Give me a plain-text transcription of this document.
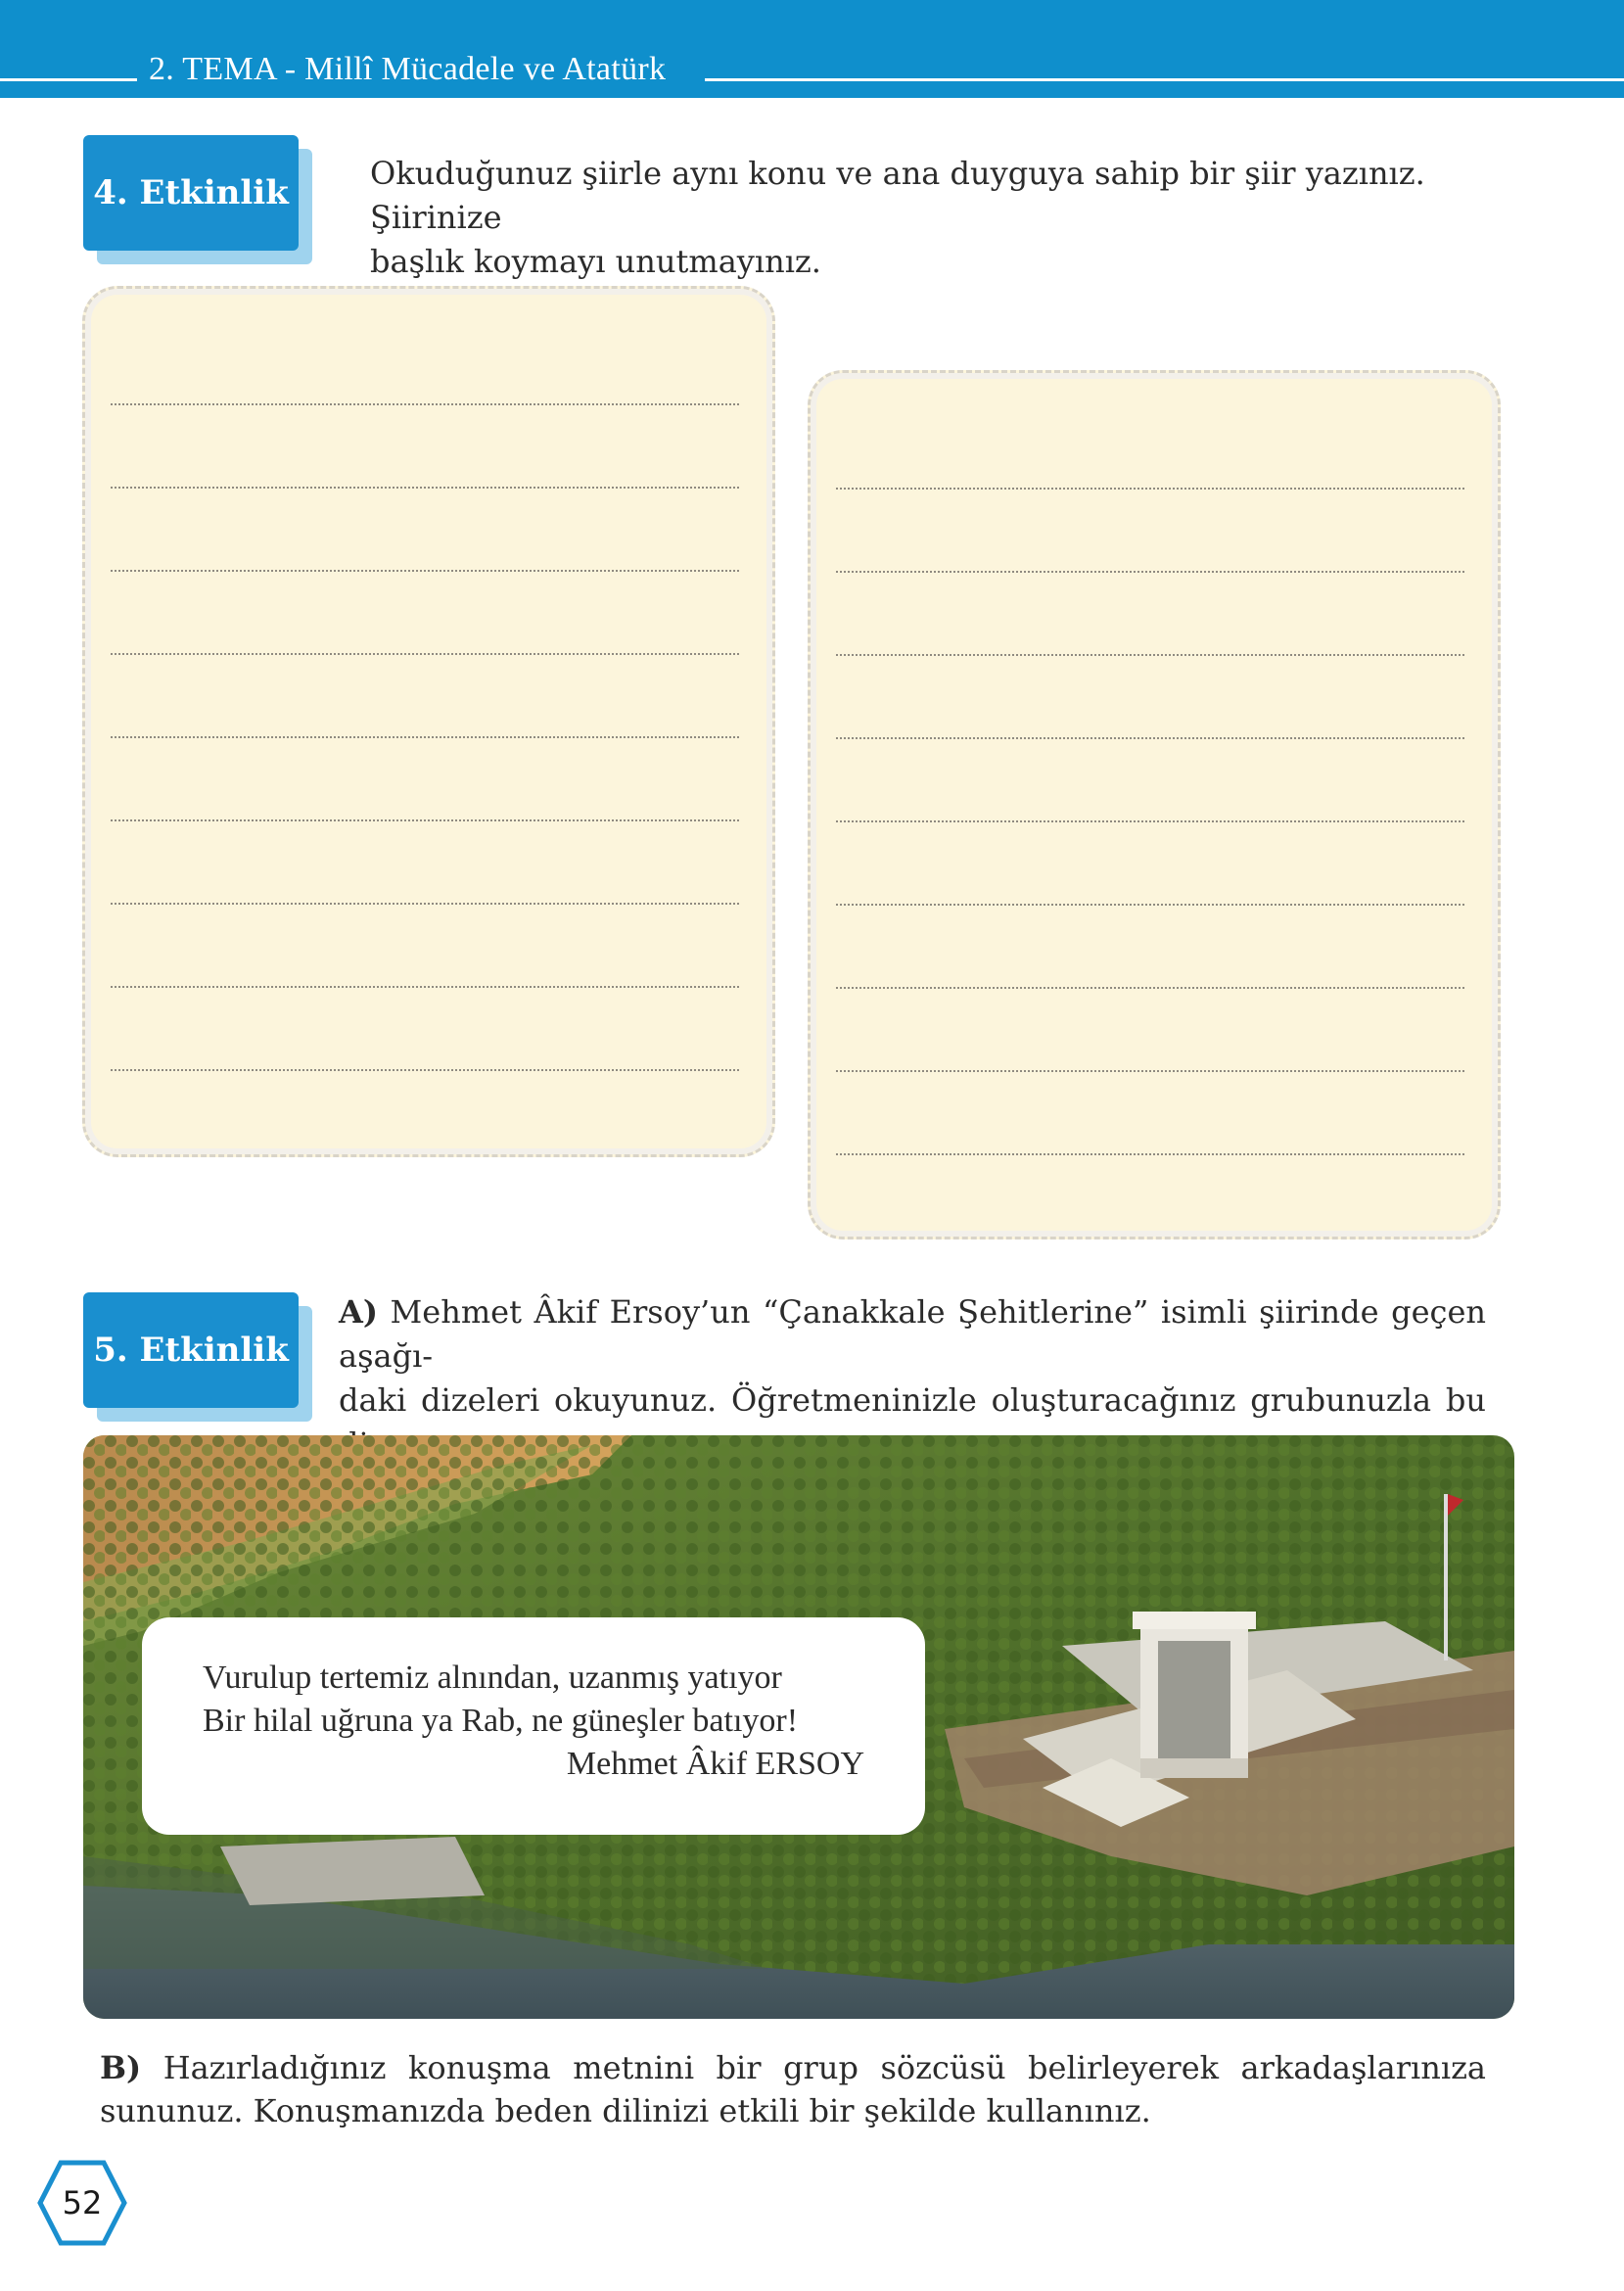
2. TEMA - Millî Mücadele ve Atatürk
4. Etkinlik	Okuduğunuz şiirle aynı konu ve ana duyguya sahip bir şiir yazınız. Şiirinize
başlık koymayı unutmayınız.
5. Etkinlik
A) Mehmet Âkif Ersoy’un “Çanakkale Şehitlerine” isimli şiirinde geçen aşağı-
daki dizeleri okuyunuz. Öğretmeninizle oluşturacağınız grubunuzla bu
Vurulup tertemiz alnından, uzanmış yatıyor
Bir hilal uğruna ya Rab, ne güneşler batıyor!
Mehmet Âkif ERSOY
B) Hazırladığınız konuşma metnini bir grup sözcüsü belirleyerek arkadaşlarınıza sununuz. Konuşmanızda beden dilinizi etkili bir şekilde kullanınız.
52
